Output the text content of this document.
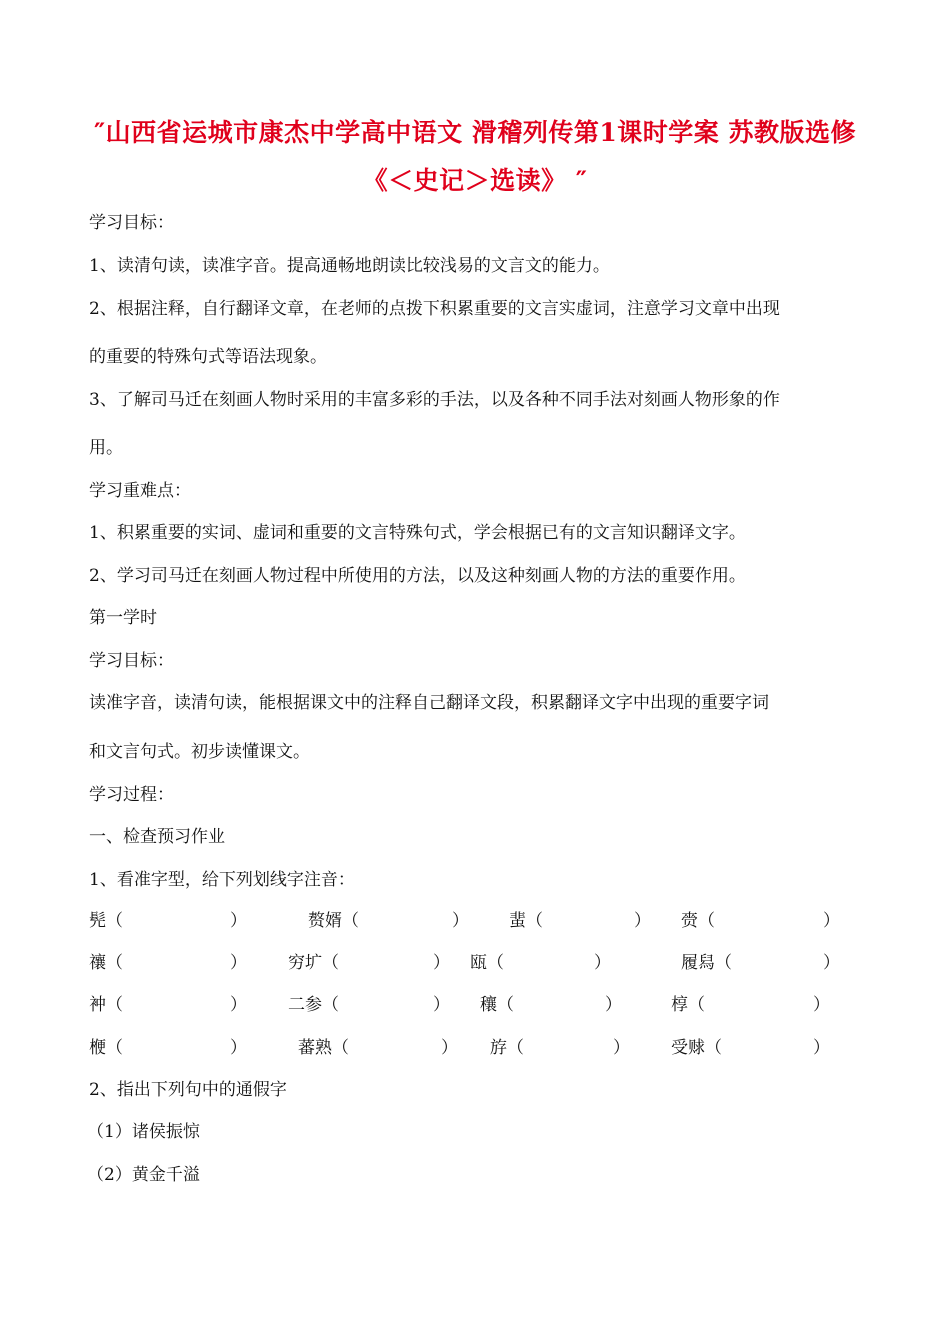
″山西省运城市康杰中学高中语文 滑稽列传第1课时学案 苏教版选修
《＜史记＞选读》 ″
学习目标：
1、读清句读，读准字音。提高通畅地朗读比较浅易的文言文的能力。
2、根据注释，自行翻译文章，在老师的点拨下积累重要的文言实虚词，注意学习文章中出现
的重要的特殊句式等语法现象。
3、了解司马迁在刻画人物时采用的丰富多彩的手法，以及各种不同手法对刻画人物形象的作
用。
学习重难点：
1、积累重要的实词、虚词和重要的文言特殊句式，学会根据已有的文言知识翻译文字。
2、学习司马迁在刻画人物过程中所使用的方法，以及这种刻画人物的方法的重要作用。
第一学时
学习目标：
读准字音，读清句读，能根据课文中的注释自己翻译文段，积累翻译文字中出现的重要字词
和文言句式。初步读懂课文。
学习过程：
一、检查预习作业
1、看准字型，给下列划线字注音：
髡（	）	赘婿（	） 蜚（	） 赍（	）
禳（	） 穷圹（	） 瓯（	）	履舄（	）
衶（	） 二参（	） 穰（	）	椁（	）
楩（	）	蕃熟（	） 斿（	） 受赇（	）
2、指出下列句中的通假字
（1）诸侯振惊
（2）黄金千溢
